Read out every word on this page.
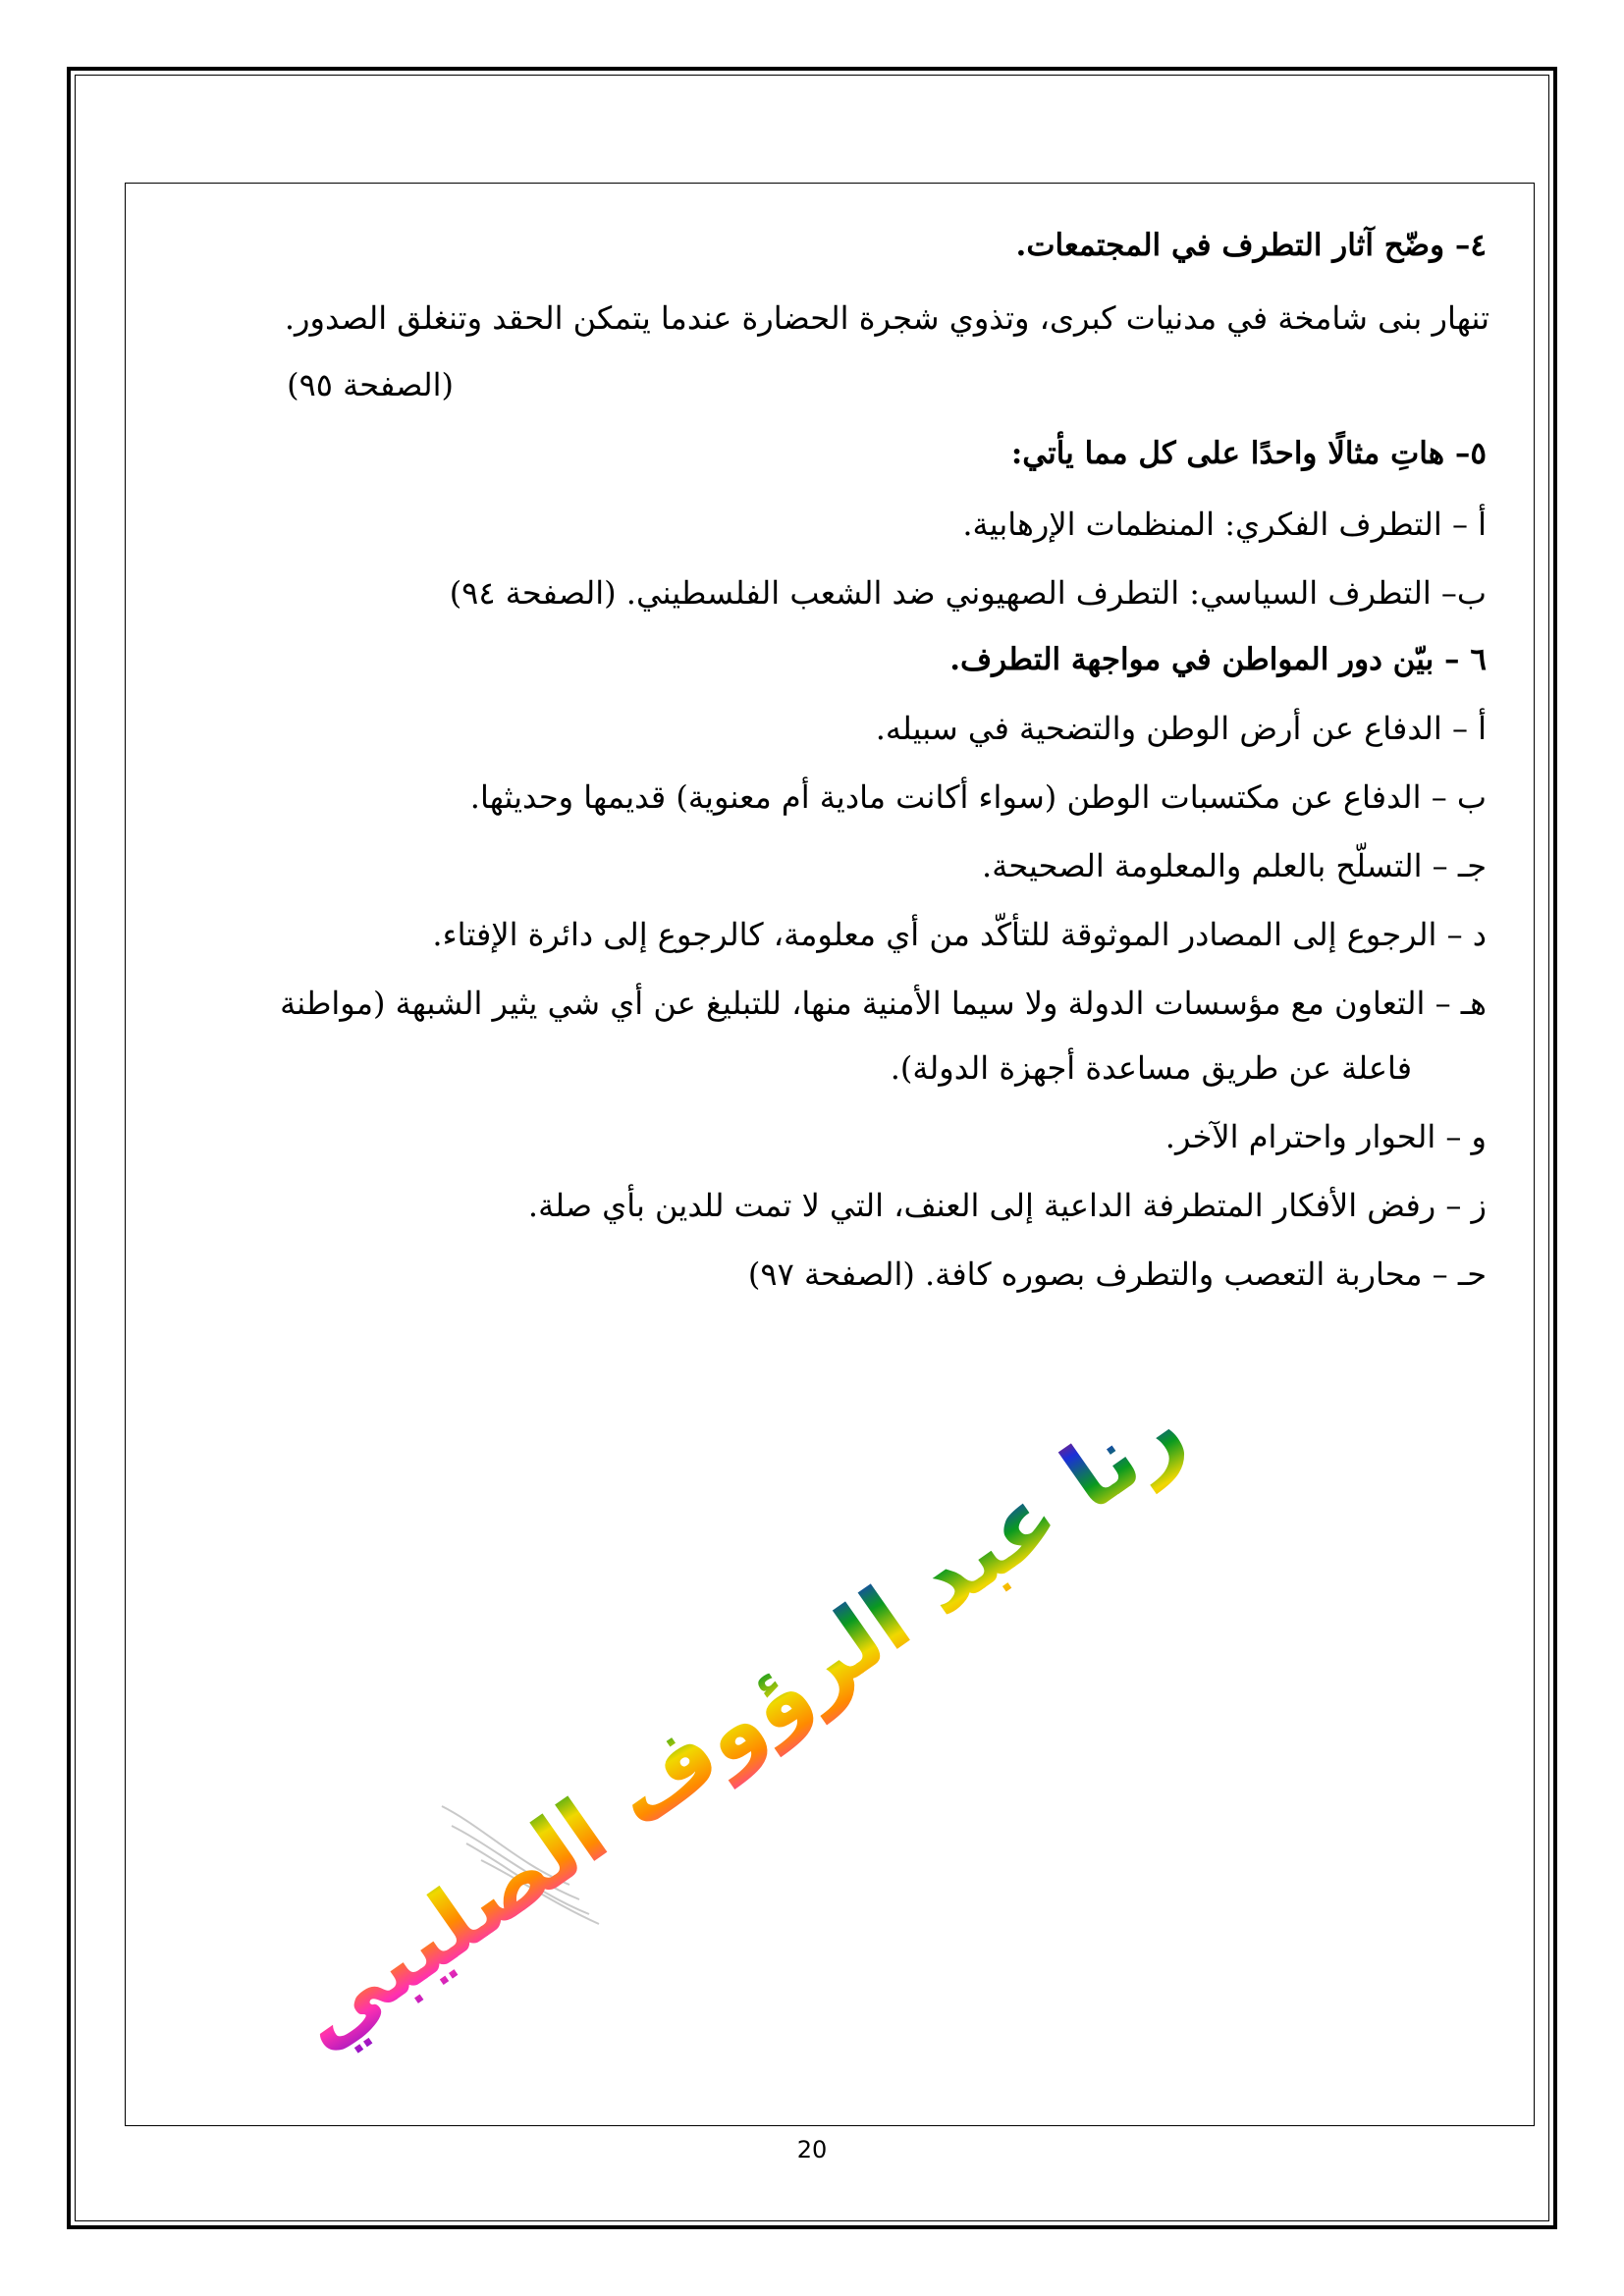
٤– وضّح آثار التطرف في المجتمعات.
تنهار بنى شامخة في مدنيات كبرى، وتذوي شجرة الحضارة عندما يتمكن الحقد وتنغلق الصدور.
(الصفحة ٩٥)
٥– هاتِ مثالًا واحدًا على كل مما يأتي:
أ – التطرف الفكري: المنظمات الإرهابية.
ب– التطرف السياسي: التطرف الصهيوني ضد الشعب الفلسطيني. (الصفحة ٩٤)
٦ – بيّن دور المواطن في مواجهة التطرف.
أ – الدفاع عن أرض الوطن والتضحية في سبيله.
ب – الدفاع عن مكتسبات الوطن (سواء أكانت مادية أم معنوية) قديمها وحديثها.
جـ – التسلّح بالعلم والمعلومة الصحيحة.
د – الرجوع إلى المصادر الموثوقة للتأكّد من أي معلومة، كالرجوع إلى دائرة الإفتاء.
هـ – التعاون مع مؤسسات الدولة ولا سيما الأمنية منها، للتبليغ عن أي شي يثير الشبهة (مواطنة
فاعلة عن طريق مساعدة أجهزة الدولة).
و – الحوار واحترام الآخر.
ز – رفض الأفكار المتطرفة الداعية إلى العنف، التي لا تمت للدين بأي صلة.
حـ – محاربة التعصب والتطرف بصوره كافة. (الصفحة ٩٧)
رنا عبد الرؤوف الصليبي
20
